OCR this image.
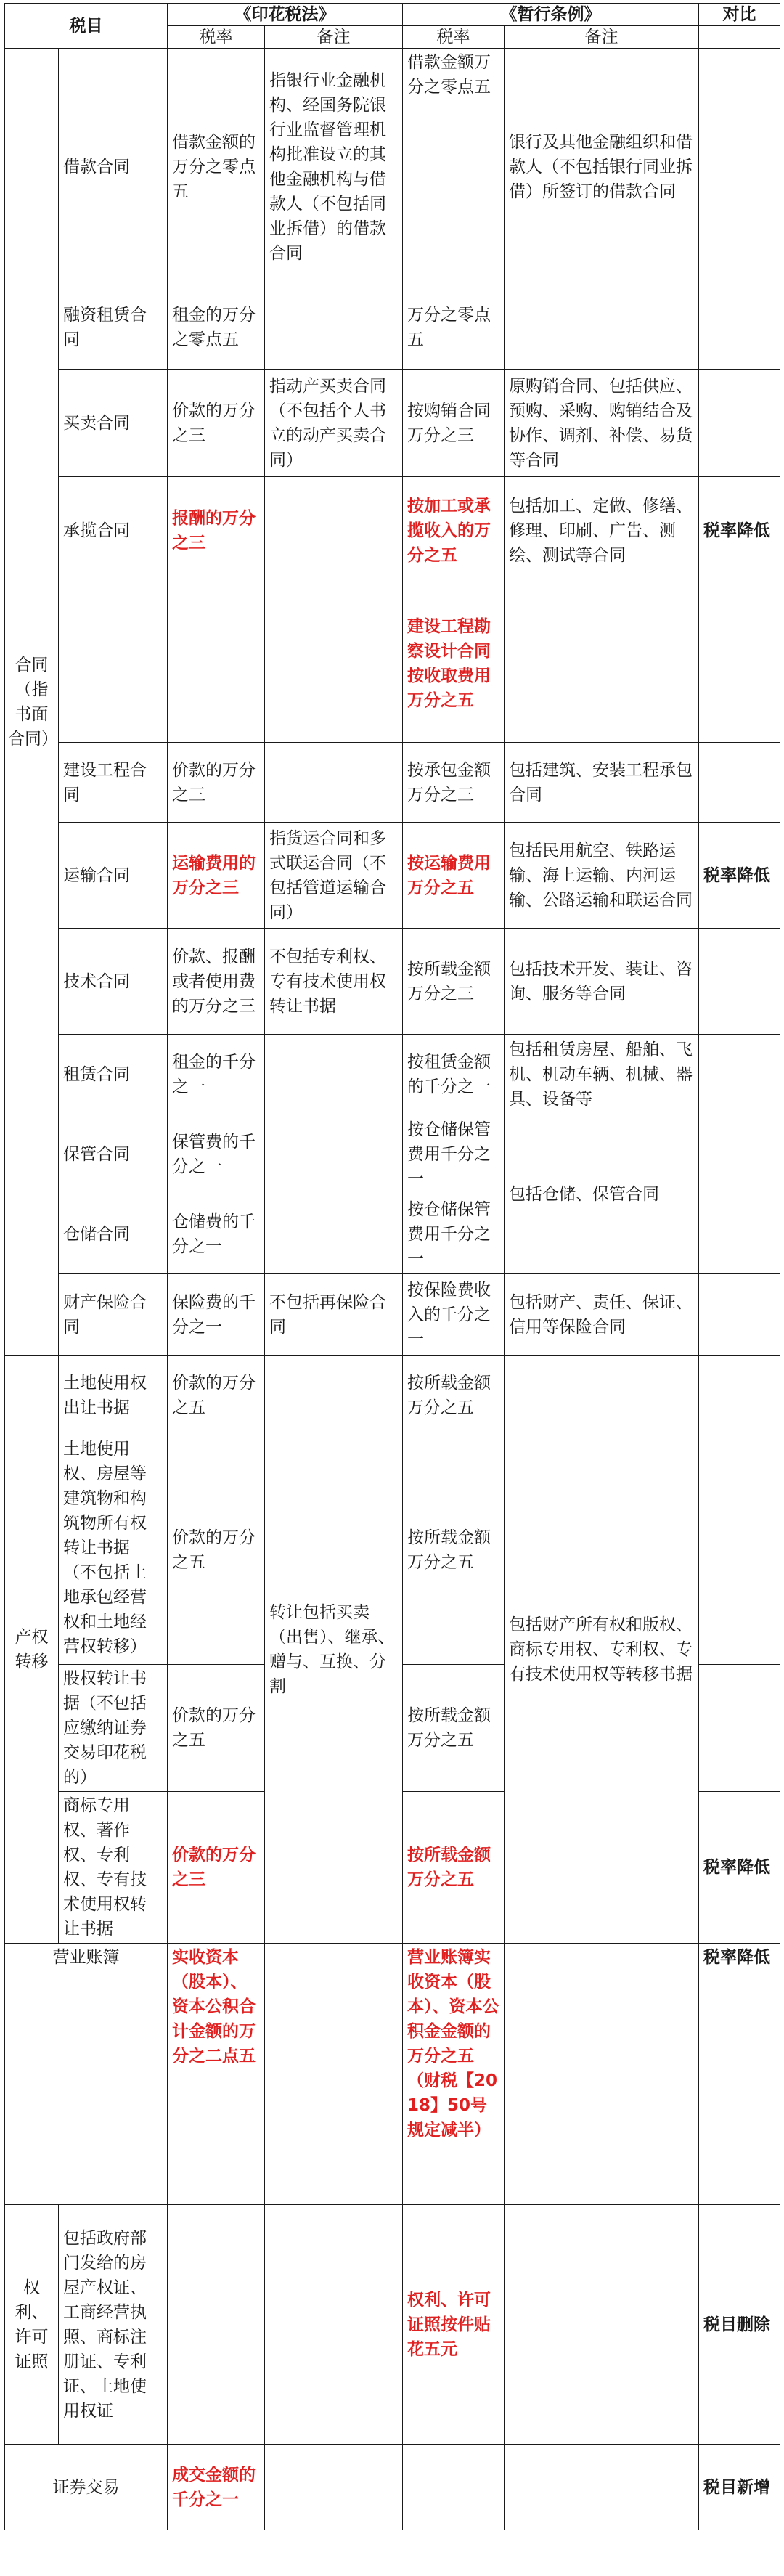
税目		《印花税法》		《暂行条例》		对比
		税率	备注	税率	备注	
合同（指书面合同）	借款合同	借款金额的万分之零点五	指银行业金融机构、经国务院银行业监督管理机构批准设立的其他金融机构与借款人（不包括同业拆借）的借款合同	借款金额万分之零点五	银行及其他金融组织和借款人（不包括银行同业拆借）所签订的借款合同	
	融资租赁合同	租金的万分之零点五		万分之零点五		
	买卖合同	价款的万分之三	指动产买卖合同（不包括个人书立的动产买卖合同）	按购销合同万分之三	原购销合同、包括供应、预购、采购、购销结合及协作、调剂、补偿、易货等合同	
	承揽合同	报酬的万分之三		按加工或承揽收入的万分之五	包括加工、定做、修缮、修理、印刷、广告、测绘、测试等合同	税率降低
				建设工程勘察设计合同按收取费用万分之五		
	建设工程合同	价款的万分之三		按承包金额万分之三	包括建筑、安装工程承包合同	
	运输合同	运输费用的万分之三	指货运合同和多式联运合同（不包括管道运输合同）	按运输费用万分之五	包括民用航空、铁路运输、海上运输、内河运输、公路运输和联运合同	税率降低
	技术合同	价款、报酬或者使用费的万分之三	不包括专利权、专有技术使用权转让书据	按所载金额万分之三	包括技术开发、装让、咨询、服务等合同	
	租赁合同	租金的千分之一		按租赁金额的千分之一	包括租赁房屋、船舶、飞机、机动车辆、机械、器具、设备等	
	保管合同	保管费的千分之一		按仓储保管费用千分之一	包括仓储、保管合同	
	仓储合同	仓储费的千分之一		按仓储保管费用千分之一		
	财产保险合同	保险费的千分之一	不包括再保险合同	按保险费收入的千分之一	包括财产、责任、保证、信用等保险合同	
产权转移	土地使用权出让书据	价款的万分之五	转让包括买卖（出售）、继承、赠与、互换、分割	按所载金额万分之五	包括财产所有权和版权、商标专用权、专利权、专有技术使用权等转移书据	
	土地使用权、房屋等建筑物和构筑物所有权转让书据（不包括土地承包经营权和土地经营权转移）	价款的万分之五		按所载金额万分之五		
	股权转让书据（不包括应缴纳证券交易印花税的）	价款的万分之五		按所载金额万分之五		
	商标专用权、著作权、专利权、专有技术使用权转让书据	价款的万分之三		按所载金额万分之五		税率降低
营业账簿		实收资本（股本）、资本公积合计金额的万分之二点五		营业账簿实收资本（股本）、资本公积金金额的万分之五（财税【2018】50号规定减半）		税率降低
权利、许可证照	包括政府部门发给的房屋产权证、工商经营执照、商标注册证、专利证、土地使用权证			权利、许可证照按件贴花五元		税目删除
证券交易		成交金额的千分之一				税目新增
